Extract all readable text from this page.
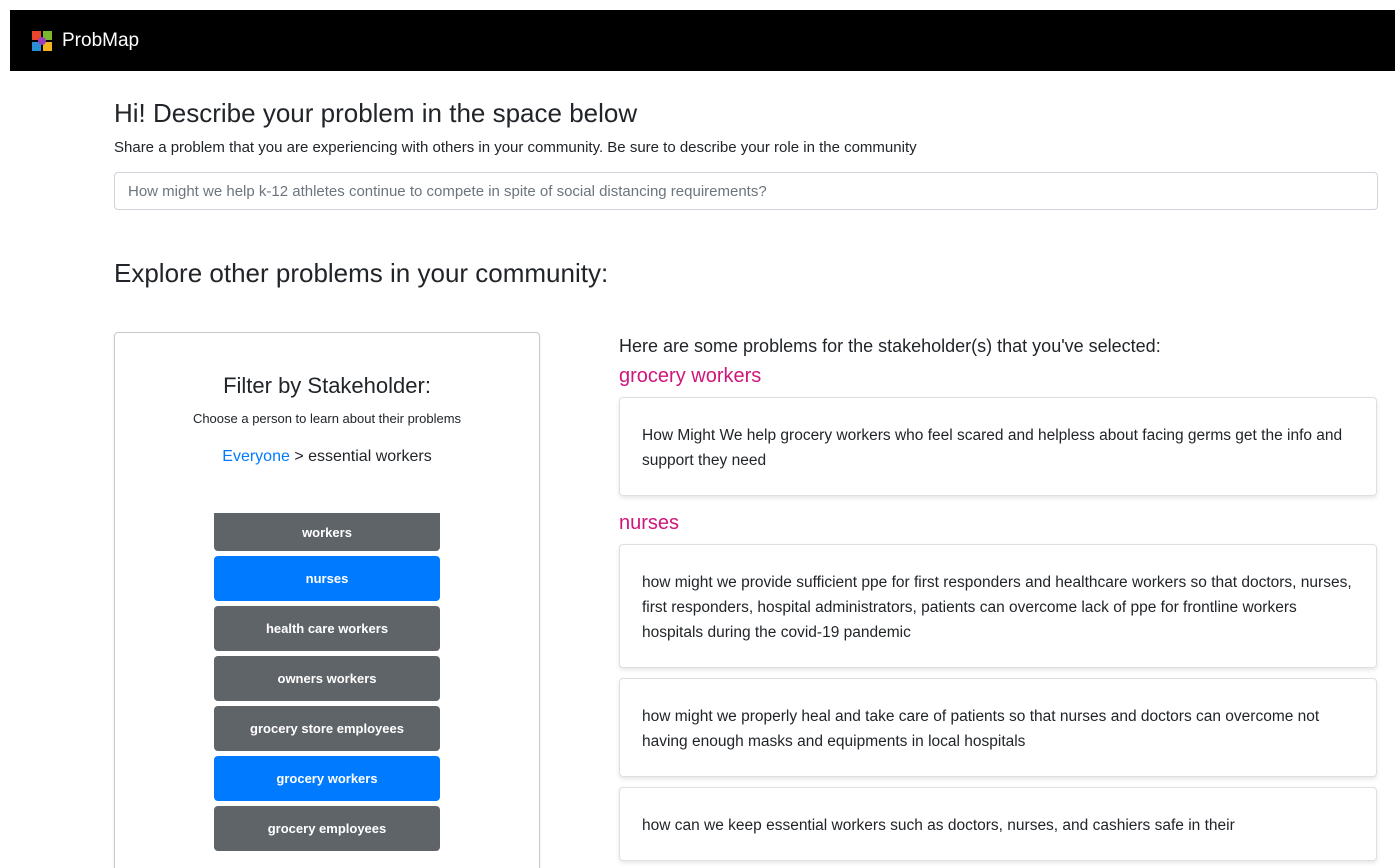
ProbMap
Hi! Describe your problem in the space below

Share a problem that you are experiencing with others in your community. Be sure to describe your role in the community

How might we help k-12 athletes continue to compete in spite of social distancing requirements?
Explore other problems in your community:
Filter by Stakeholder:
Choose a person to learn about their problems
Everyone > essential workers
workers
nurses
health care workers
owners workers
grocery store employees
grocery workers
grocery employees
Here are some problems for the stakeholder(s) that you've selected:
grocery workers
How Might We help grocery workers who feel scared and helpless about facing germs get the info and support they need
nurses
how might we provide sufficient ppe for first responders and healthcare workers so that doctors, nurses, first responders, hospital administrators, patients can overcome lack of ppe for frontline workers hospitals during the covid-19 pandemic
how might we properly heal and take care of patients so that nurses and doctors can overcome not having enough masks and equipments in local hospitals
how can we keep essential workers such as doctors, nurses, and cashiers safe in their
